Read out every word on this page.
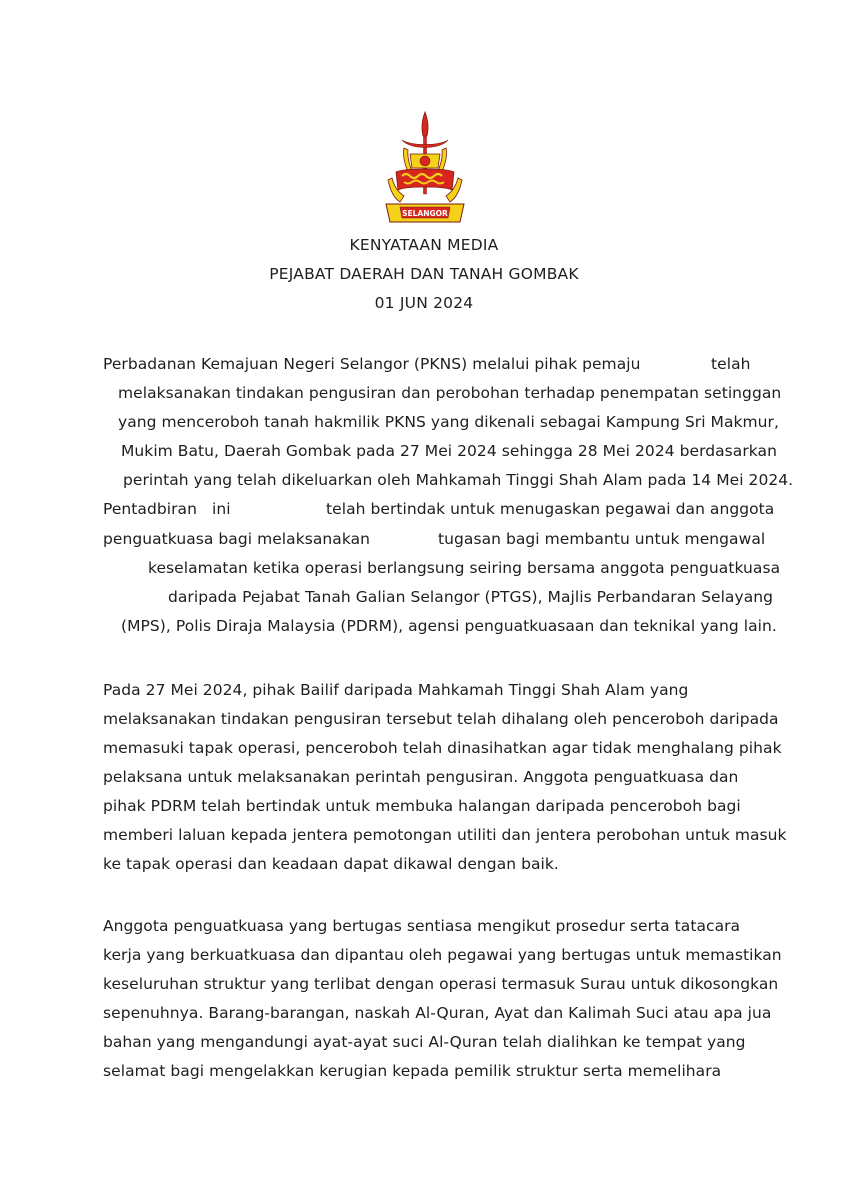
SELANGOR
KENYATAAN MEDIA
PEJABAT DAERAH DAN TANAH GOMBAK
01 JUN 2024
Perbadanan Kemajuan Negeri Selangor (PKNS) melalui pihak pemaju	telah
melaksanakan tindakan pengusiran dan perobohan terhadap penempatan setinggan
yang menceroboh tanah hakmilik PKNS yang dikenali sebagai Kampung Sri Makmur,
Mukim Batu, Daerah Gombak pada 27 Mei 2024 sehingga 28 Mei 2024 berdasarkan
perintah yang telah dikeluarkan oleh Mahkamah Tinggi Shah Alam pada 14 Mei 2024.
Pentadbiran ini	telah bertindak untuk menugaskan pegawai dan anggota
penguatkuasa bagi melaksanakan	tugasan bagi membantu untuk mengawal
keselamatan ketika operasi berlangsung seiring bersama anggota penguatkuasa
daripada Pejabat Tanah Galian Selangor (PTGS), Majlis Perbandaran Selayang
(MPS), Polis Diraja Malaysia (PDRM), agensi penguatkuasaan dan teknikal yang lain.
Pada 27 Mei 2024, pihak Bailif daripada Mahkamah Tinggi Shah Alam yang
melaksanakan tindakan pengusiran tersebut telah dihalang oleh penceroboh daripada
memasuki tapak operasi, penceroboh telah dinasihatkan agar tidak menghalang pihak
pelaksana untuk melaksanakan perintah pengusiran. Anggota penguatkuasa dan
pihak PDRM telah bertindak untuk membuka halangan daripada penceroboh bagi
memberi laluan kepada jentera pemotongan utiliti dan jentera perobohan untuk masuk
ke tapak operasi dan keadaan dapat dikawal dengan baik.
Anggota penguatkuasa yang bertugas sentiasa mengikut prosedur serta tatacara
kerja yang berkuatkuasa dan dipantau oleh pegawai yang bertugas untuk memastikan
keseluruhan struktur yang terlibat dengan operasi termasuk Surau untuk dikosongkan
sepenuhnya. Barang-barangan, naskah Al-Quran, Ayat dan Kalimah Suci atau apa jua
bahan yang mengandungi ayat-ayat suci Al-Quran telah dialihkan ke tempat yang
selamat bagi mengelakkan kerugian kepada pemilik struktur serta memelihara
